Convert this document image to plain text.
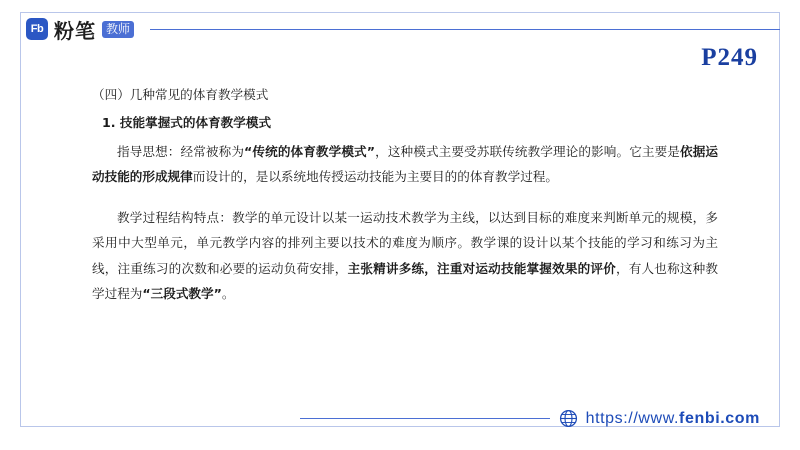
Fb 粉笔 教师
P249

（四）几种常见的体育教学模式

1. 技能掌握式的体育教学模式

指导思想：经常被称为“传统的体育教学模式”，这种模式主要受苏联传统教学理论的影响。它主要是依据运动技能的形成规律而设计的，是以系统地传授运动技能为主要目的的体育教学过程。

教学过程结构特点：教学的单元设计以某一运动技术教学为主线，以达到目标的难度来判断单元的规模，多采用中大型单元，单元教学内容的排列主要以技术的难度为顺序。教学课的设计以某个技能的学习和练习为主线，注重练习的次数和必要的运动负荷安排，主张精讲多练，注重对运动技能掌握效果的评价，有人也称这种教学过程为“三段式教学”。

https://www.fenbi.com
